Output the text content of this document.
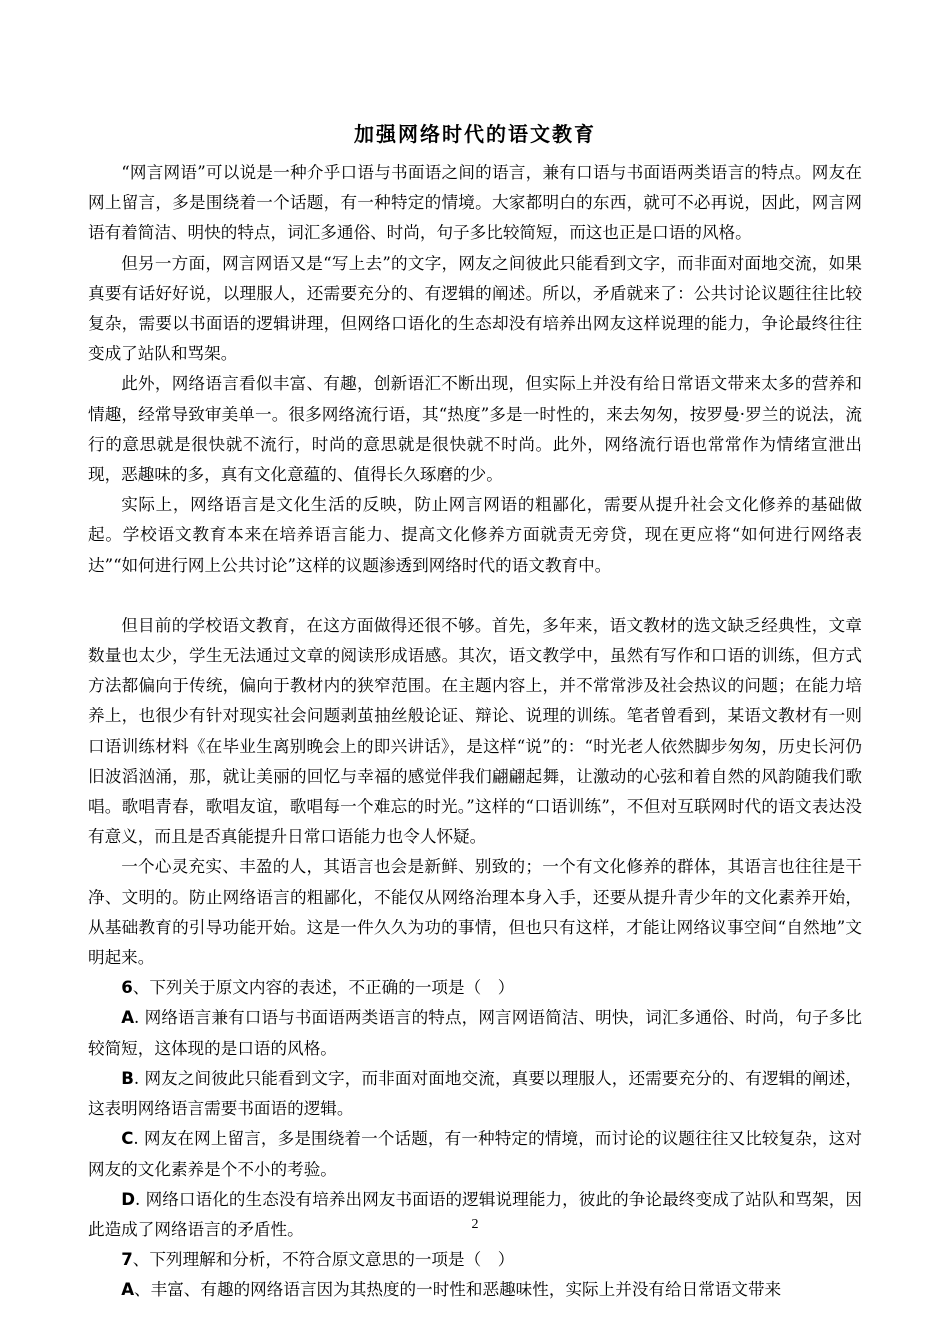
加强网络时代的语文教育

“网言网语”可以说是一种介乎口语与书面语之间的语言，兼有口语与书面语两类语言的特点。网友在网上留言，多是围绕着一个话题，有一种特定的情境。大家都明白的东西，就可不必再说，因此，网言网语有着简洁、明快的特点，词汇多通俗、时尚，句子多比较简短，而这也正是口语的风格。

但另一方面，网言网语又是“写上去”的文字，网友之间彼此只能看到文字，而非面对面地交流，如果真要有话好好说，以理服人，还需要充分的、有逻辑的阐述。所以，矛盾就来了：公共讨论议题往往比较复杂，需要以书面语的逻辑讲理，但网络口语化的生态却没有培养出网友这样说理的能力，争论最终往往变成了站队和骂架。

此外，网络语言看似丰富、有趣，创新语汇不断出现，但实际上并没有给日常语文带来太多的营养和情趣，经常导致审美单一。很多网络流行语，其“热度”多是一时性的，来去匆匆，按罗曼·罗兰的说法，流行的意思就是很快就不流行，时尚的意思就是很快就不时尚。此外，网络流行语也常常作为情绪宣泄出现，恶趣味的多，真有文化意蕴的、值得长久琢磨的少。

实际上，网络语言是文化生活的反映，防止网言网语的粗鄙化，需要从提升社会文化修养的基础做起。学校语文教育本来在培养语言能力、提高文化修养方面就责无旁贷，现在更应将“如何进行网络表达”“如何进行网上公共讨论”这样的议题渗透到网络时代的语文教育中。

但目前的学校语文教育，在这方面做得还很不够。首先，多年来，语文教材的选文缺乏经典性，文章数量也太少，学生无法通过文章的阅读形成语感。其次，语文教学中，虽然有写作和口语的训练，但方式方法都偏向于传统，偏向于教材内的狭窄范围。在主题内容上，并不常常涉及社会热议的问题；在能力培养上，也很少有针对现实社会问题剥茧抽丝般论证、辩论、说理的训练。笔者曾看到，某语文教材有一则口语训练材料《在毕业生离别晚会上的即兴讲话》，是这样“说”的：“时光老人依然脚步匆匆，历史长河仍旧波滔汹涌，那，就让美丽的回忆与幸福的感觉伴我们翩翩起舞，让激动的心弦和着自然的风韵随我们歌唱。歌唱青春，歌唱友谊，歌唱每一个难忘的时光。”这样的“口语训练”，不但对互联网时代的语文表达没有意义，而且是否真能提升日常口语能力也令人怀疑。

一个心灵充实、丰盈的人，其语言也会是新鲜、别致的；一个有文化修养的群体，其语言也往往是干净、文明的。防止网络语言的粗鄙化，不能仅从网络治理本身入手，还要从提升青少年的文化素养开始，从基础教育的引导功能开始。这是一件久久为功的事情，但也只有这样，才能让网络议事空间“自然地”文明起来。

6、下列关于原文内容的表述，不正确的一项是（　）

A. 网络语言兼有口语与书面语两类语言的特点，网言网语简洁、明快，词汇多通俗、时尚，句子多比较简短，这体现的是口语的风格。

B. 网友之间彼此只能看到文字，而非面对面地交流，真要以理服人，还需要充分的、有逻辑的阐述，这表明网络语言需要书面语的逻辑。

C. 网友在网上留言，多是围绕着一个话题，有一种特定的情境，而讨论的议题往往又比较复杂，这对网友的文化素养是个不小的考验。

D. 网络口语化的生态没有培养出网友书面语的逻辑说理能力，彼此的争论最终变成了站队和骂架，因此造成了网络语言的矛盾性。

7、下列理解和分析，不符合原文意思的一项是（　）

A、丰富、有趣的网络语言因为其热度的一时性和恶趣味性，实际上并没有给日常语文带来

2
